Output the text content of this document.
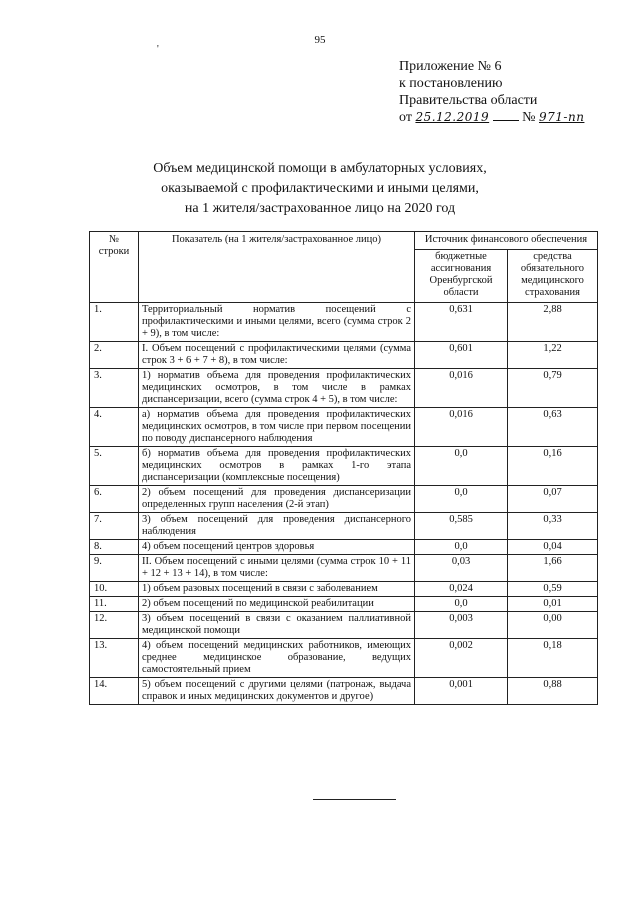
95
'
Приложение № 6
к постановлению
Правительства области
от 25.12.2019 № 971-пп
Объем медицинской помощи в амбулаторных условиях,
оказываемой с профилактическими и иными целями,
на 1 жителя/застрахованное лицо на 2020 год
№ строки	Показатель (на 1 жителя/застрахованное лицо)	Источник финансового обеспечения	
		бюджетные ассигнования Оренбургской области	средства обязательного медицинского страхования
1.	Территориальный норматив посещений с профилактическими и иными целями, всего (сумма строк 2 + 9), в том числе:	0,631	2,88
2.	I. Объем посещений с профилактическими целями (сумма строк 3 + 6 + 7 + 8), в том числе:	0,601	1,22
3.	1) норматив объема для проведения профилактических медицинских осмотров, в том числе в рамках диспансеризации, всего (сумма строк 4 + 5), в том числе:	0,016	0,79
4.	а) норматив объема для проведения профилактических медицинских осмотров, в том числе при первом посещении по поводу диспансерного наблюдения	0,016	0,63
5.	б) норматив объема для проведения профилактических медицинских осмотров в рамках 1-го этапа диспансеризации (комплексные посещения)	0,0	0,16
6.	2) объем посещений для проведения диспансеризации определенных групп населения (2-й этап)	0,0	0,07
7.	3) объем посещений для проведения диспансерного наблюдения	0,585	0,33
8.	4) объем посещений центров здоровья	0,0	0,04
9.	II. Объем посещений с иными целями (сумма строк 10 + 11 + 12 + 13 + 14), в том числе:	0,03	1,66
10.	1) объем разовых посещений в связи с заболеванием	0,024	0,59
11.	2) объем посещений по медицинской реабилитации	0,0	0,01
12.	3) объем посещений в связи с оказанием паллиативной медицинской помощи	0,003	0,00
13.	4) объем посещений медицинских работников, имеющих среднее медицинское образование, ведущих самостоятельный прием	0,002	0,18
14.	5) объем посещений с другими целями (патронаж, выдача справок и иных медицинских документов и другое)	0,001	0,88
